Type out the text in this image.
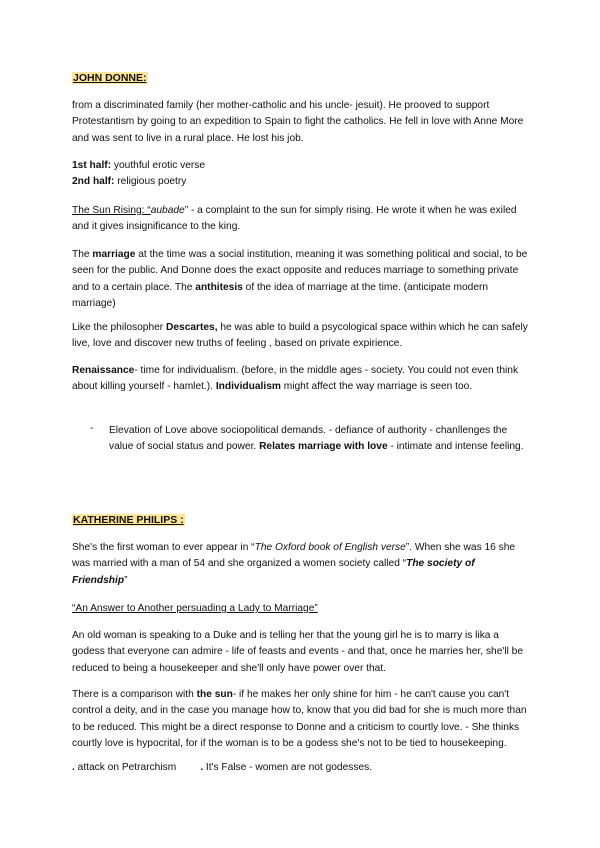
JOHN DONNE:

from a discriminated family (her mother-catholic and his uncle- jesuit). He prooved to support Protestantism by going to an expedition to Spain to fight the catholics. He fell in love with Anne More and was sent to live in a rural place. He lost his job.

1st half: youthful erotic verse

2nd half: religious poetry

The Sun Rising: “aubade” - a complaint to the sun for simply rising. He wrote it when he was exiled and it gives insignificance to the king.

The marriage at the time was a social institution, meaning it was something political and social, to be seen for the public. And Donne does the exact opposite and reduces marriage to something private and to a certain place. The anthitesis of the idea of marriage at the time. (anticipate modern marriage)

Like the philosopher Descartes, he was able to build a psycological space within which he can safely live, love and discover new truths of feeling , based on private expirience.

Renaissance- time for individualism. (before, in the middle ages - society. You could not even think about killing yourself - hamlet.). Individualism might affect the way marriage is seen too.

- Elevation of Love above sociopolitical demands. - defiance of authority - chanllenges the value of social status and power. Relates marriage with love - intimate and intense feeling.

KATHERINE PHILIPS :

She's the first woman to ever appear in “The Oxford book of English verse”. When she was 16 she was married with a man of 54 and she organized a women society called “The society of Friendship”

“An Answer to Another persuading a Lady to Marriage”

An old woman is speaking to a Duke and is telling her that the young girl he is to marry is lika a godess that everyone can admire - life of feasts and events - and that, once he marries her, she'll be reduced to being a housekeeper and she'll only have power over that.

There is a comparison with the sun- if he makes her only shine for him - he can't cause you can't control a deity, and in the case you manage how to, know that you did bad for she is much more than to be reduced. This might be a direct response to Donne and a criticism to courtly love. - She thinks courtly love is hypocrital, for if the woman is to be a godess she's not to be tied to housekeeping.

. attack on Petrarchism . It's False - women are not godesses.
